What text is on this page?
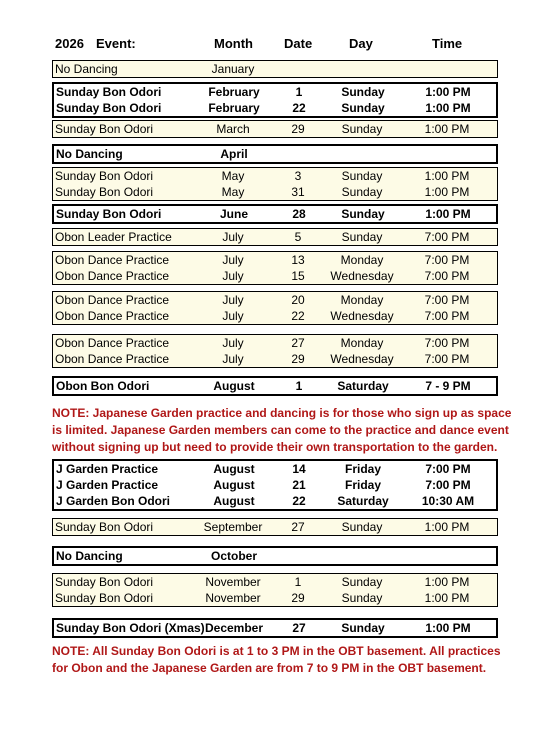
2026 Event:	Month Date	Day	Time
No Dancing	January
Sunday Bon Odori	February	1	Sunday	1:00 PM
Sunday Bon Odori	February	22	Sunday	1:00 PM
Sunday Bon Odori	March	29	Sunday	1:00 PM
No Dancing	April
Sunday Bon Odori	May	3	Sunday	1:00 PM
Sunday Bon Odori	May	31	Sunday	1:00 PM
Sunday Bon Odori	June	28	Sunday	1:00 PM
Obon Leader Practice	July	5	Sunday	7:00 PM
Obon Dance Practice	July	13	Monday	7:00 PM
Obon Dance Practice	July	15 Wednesday	7:00 PM
Obon Dance Practice	July	20	Monday	7:00 PM
Obon Dance Practice	July	22 Wednesday	7:00 PM
Obon Dance Practice	July	27	Monday	7:00 PM
Obon Dance Practice	July	29 Wednesday	7:00 PM
Obon Bon Odori	August	1	Saturday	7 - 9 PM
J Garden Practice	August	14	Friday	7:00 PM
J Garden Practice	August	21	Friday	7:00 PM
J Garden Bon Odori	August	22	Saturday	10:30 AM
Sunday Bon Odori	September 27	Sunday	1:00 PM
No Dancing	October
Sunday Bon Odori	November	1	Sunday	1:00 PM
Sunday Bon Odori	November	29	Sunday	1:00 PM
Sunday Bon Odori (Xmas) December 27	Sunday	1:00 PM
NOTE: Japanese Garden practice and dancing is for those who sign up as space is limited. Japanese Garden members can come to the practice and dance event without signing up but need to provide their own transportation to the garden.
NOTE: All Sunday Bon Odori is at 1 to 3 PM in the OBT basement. All practices for Obon and the Japanese Garden are from 7 to 9 PM in the OBT basement.
